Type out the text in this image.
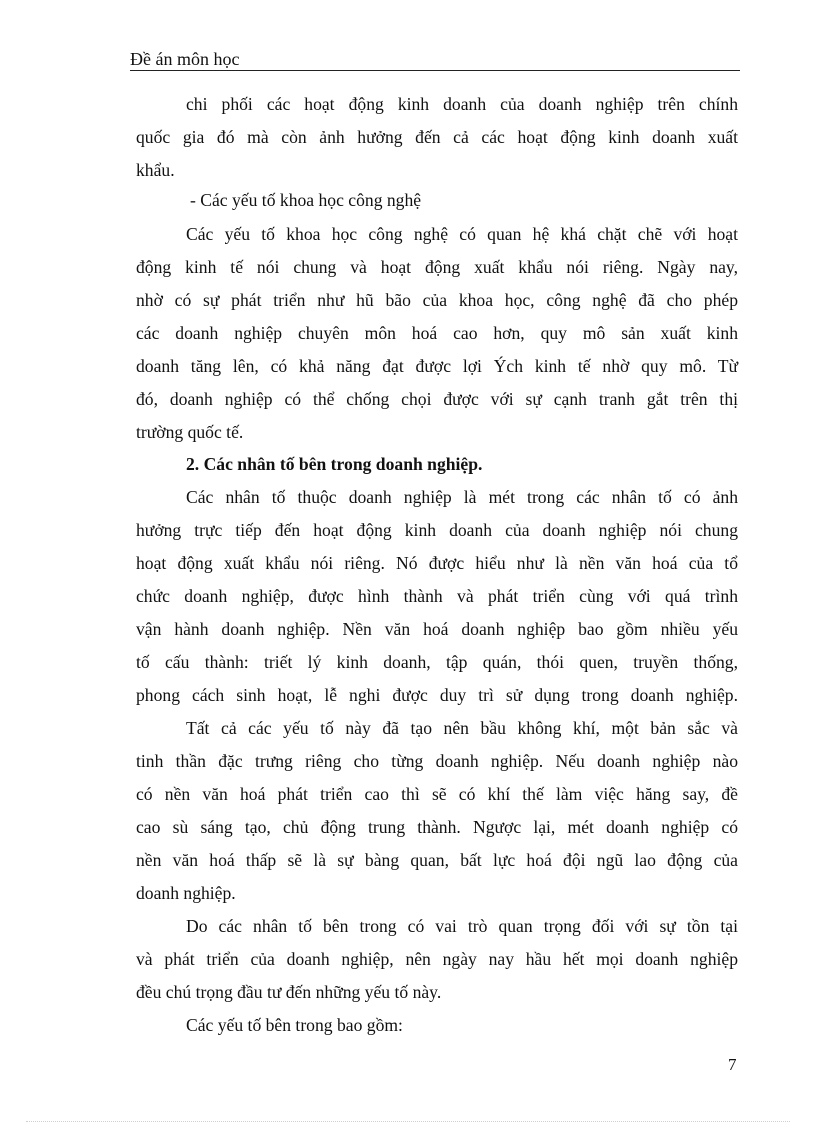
Đề án môn học
chi phối các hoạt động kinh doanh của doanh nghiệp trên chính
quốc gia đó mà còn ảnh hưởng đến cả các hoạt động kinh doanh xuất
khẩu.
- Các yếu tố khoa học công nghệ
Các yếu tố khoa học công nghệ có quan hệ khá chặt chẽ với hoạt
động kinh tế nói chung và hoạt động xuất khẩu nói riêng. Ngày nay,
nhờ có sự phát triển như hũ bão của khoa học, công nghệ đã cho phép
các doanh nghiệp chuyên môn hoá cao hơn, quy mô sản xuất kinh
doanh tăng lên, có khả năng đạt được lợi Ých kinh tế nhờ quy mô. Từ
đó, doanh nghiệp có thể chống chọi được với sự cạnh tranh gắt trên thị
trường quốc tế.
2. Các nhân tố bên trong doanh nghiệp.
Các nhân tố thuộc doanh nghiệp là mét trong các nhân tố có ảnh
hưởng trực tiếp đến hoạt động kinh doanh của doanh nghiệp nói chung
hoạt động xuất khẩu nói riêng. Nó được hiểu như là nền văn hoá của tổ
chức doanh nghiệp, được hình thành và phát triển cùng với quá trình
vận hành doanh nghiệp. Nền văn hoá doanh nghiệp bao gồm nhiều yếu
tố cấu thành: triết lý kinh doanh, tập quán, thói quen, truyền thống,
phong cách sinh hoạt, lễ nghi được duy trì sử dụng trong doanh nghiệp.
Tất cả các yếu tố này đã tạo nên bầu không khí, một bản sắc và
tinh thần đặc trưng riêng cho từng doanh nghiệp. Nếu doanh nghiệp nào
có nền văn hoá phát triển cao thì sẽ có khí thế làm việc hăng say, đề
cao sù sáng tạo, chủ động trung thành. Ngược lại, mét doanh nghiệp có
nền văn hoá thấp sẽ là sự bàng quan, bất lực hoá đội ngũ lao động của
doanh nghiệp.
Do các nhân tố bên trong có vai trò quan trọng đối với sự tồn tại
và phát triển của doanh nghiệp, nên ngày nay hầu hết mọi doanh nghiệp
đều chú trọng đầu tư đến những yếu tố này.
Các yếu tố bên trong bao gồm:
7
